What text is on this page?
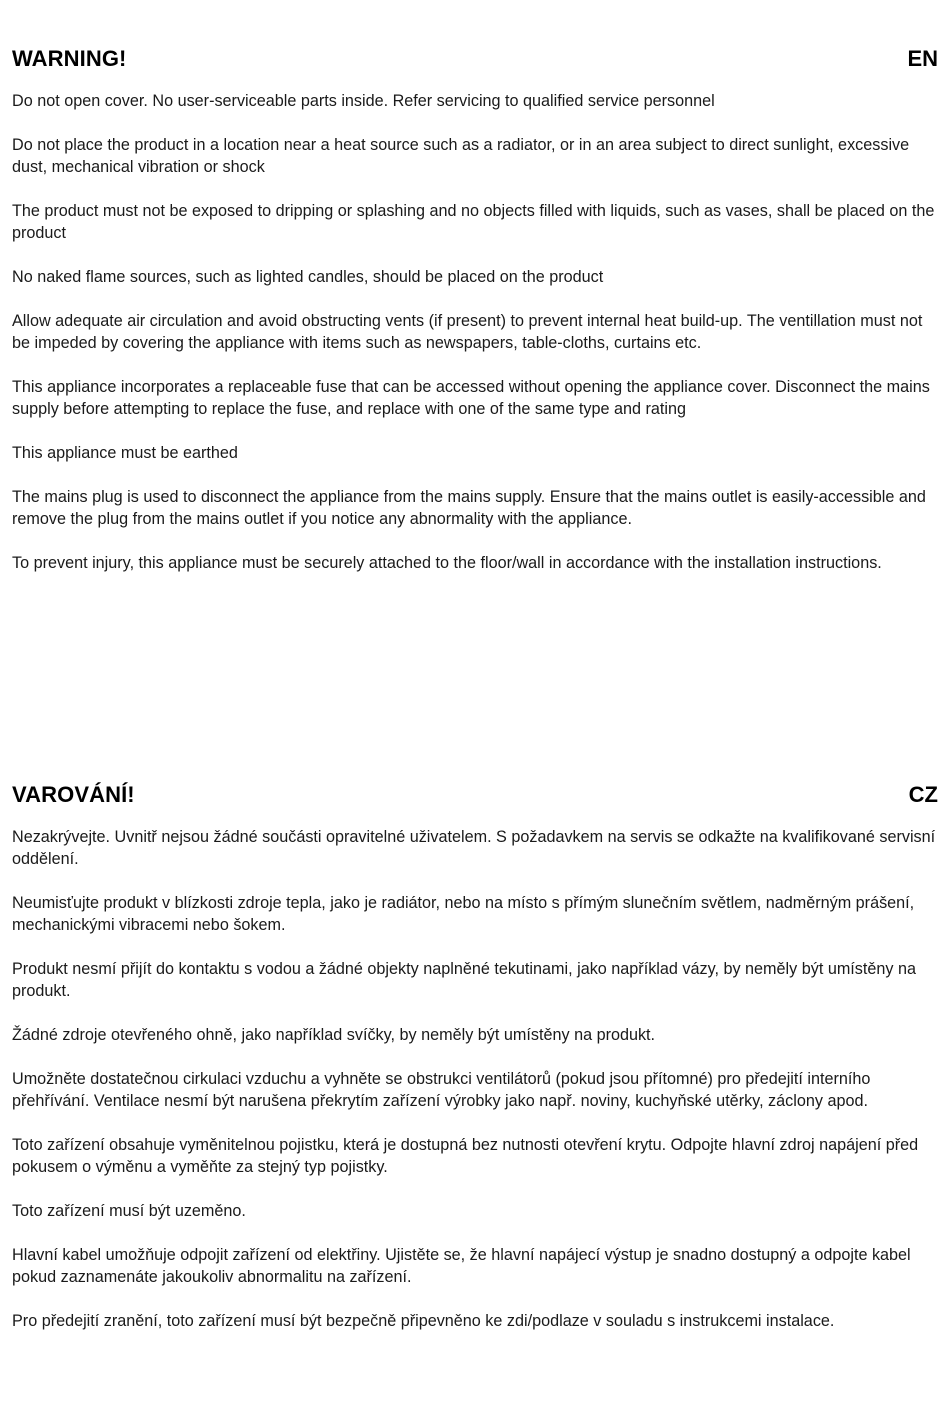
WARNING!	EN

Do not open cover. No user-serviceable parts inside. Refer servicing to qualified service personnel

Do not place the product in a location near a heat source such as a radiator, or in an area subject to direct sunlight, excessive dust, mechanical vibration or shock

The product must not be exposed to dripping or splashing and no objects filled with liquids, such as vases, shall be placed on the product

No naked flame sources, such as lighted candles, should be placed on the product

Allow adequate air circulation and avoid obstructing vents (if present) to prevent internal heat build-up. The ventillation must not be impeded by covering the appliance with items such as newspapers, table-cloths, curtains etc.

This appliance incorporates a replaceable fuse that can be accessed without opening the appliance cover. Disconnect the mains supply before attempting to replace the fuse, and replace with one of the same type and rating

This appliance must be earthed

The mains plug is used to disconnect the appliance from the mains supply. Ensure that the mains outlet is easily-accessible and remove the plug from the mains outlet if you notice any abnormality with the appliance.

To prevent injury, this appliance must be securely attached to the floor/wall in accordance with the installation instructions.

VAROVÁNÍ!	CZ

Nezakrývejte. Uvnitř nejsou žádné součásti opravitelné uživatelem. S požadavkem na servis se odkažte na kvalifikované servisní oddělení.

Neumisťujte produkt v blízkosti zdroje tepla, jako je radiátor, nebo na místo s přímým slunečním světlem, nadměrným prášení, mechanickými vibracemi nebo šokem.

Produkt nesmí přijít do kontaktu s vodou a žádné objekty naplněné tekutinami, jako například vázy, by neměly být umístěny na produkt.

Žádné zdroje otevřeného ohně, jako například svíčky, by neměly být umístěny na produkt.

Umožněte dostatečnou cirkulaci vzduchu a vyhněte se obstrukci ventilátorů (pokud jsou přítomné) pro předejití interního přehřívání. Ventilace nesmí být narušena překrytím zařízení výrobky jako např. noviny, kuchyňské utěrky, záclony apod.

Toto zařízení obsahuje vyměnitelnou pojistku, která je dostupná bez nutnosti otevření krytu. Odpojte hlavní zdroj napájení před pokusem o výměnu a vyměňte za stejný typ pojistky.

Toto zařízení musí být uzeměno.

Hlavní kabel umožňuje odpojit zařízení od elektřiny. Ujistěte se, že hlavní napájecí výstup je snadno dostupný a odpojte kabel pokud zaznamenáte jakoukoliv abnormalitu na zařízení.

Pro předejití zranění, toto zařízení musí být bezpečně připevněno ke zdi/podlaze v souladu s instrukcemi instalace.
